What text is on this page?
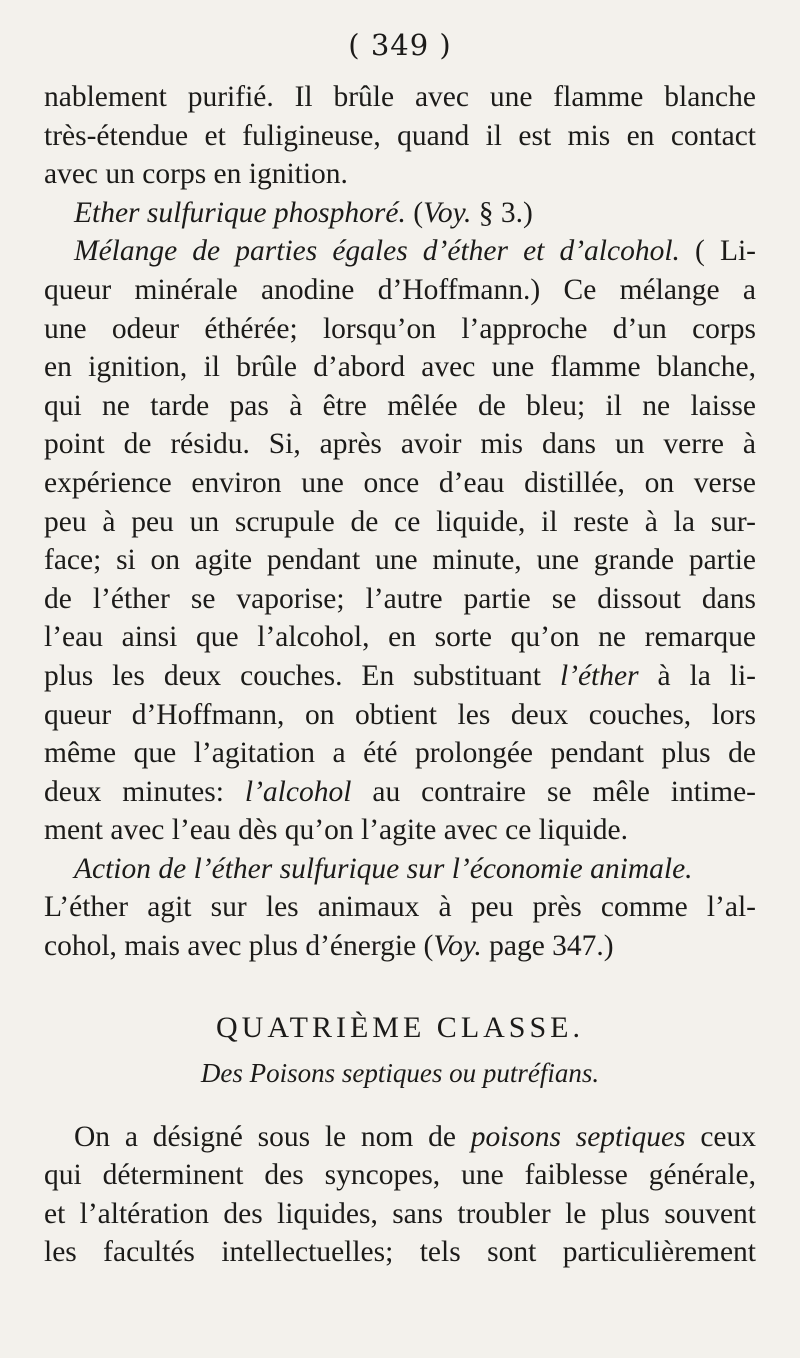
( 349 )
nablement purifié. Il brûle avec une flamme blanche
très-étendue et fuligineuse, quand il est mis en contact
avec un corps en ignition.
Ether sulfurique phosphoré. (Voy. § 3.)
Mélange de parties égales d’éther et d’alcohol. ( Li-
queur minérale anodine d’Hoffmann.) Ce mélange a
une odeur éthérée; lorsqu’on l’approche d’un corps
en ignition, il brûle d’abord avec une flamme blanche,
qui ne tarde pas à être mêlée de bleu; il ne laisse
point de résidu. Si, après avoir mis dans un verre à
expérience environ une once d’eau distillée, on verse
peu à peu un scrupule de ce liquide, il reste à la sur-
face; si on agite pendant une minute, une grande partie
de l’éther se vaporise; l’autre partie se dissout dans
l’eau ainsi que l’alcohol, en sorte qu’on ne remarque
plus les deux couches. En substituant l’éther à la li-
queur d’Hoffmann, on obtient les deux couches, lors
même que l’agitation a été prolongée pendant plus de
deux minutes: l’alcohol au contraire se mêle intime-
ment avec l’eau dès qu’on l’agite avec ce liquide.
Action de l’éther sulfurique sur l’économie animale.
L’éther agit sur les animaux à peu près comme l’al-
cohol, mais avec plus d’énergie (Voy. page 347.)
QUATRIÈME CLASSE.
Des Poisons septiques ou putréfians.
On a désigné sous le nom de poisons septiques ceux
qui déterminent des syncopes, une faiblesse générale,
et l’altération des liquides, sans troubler le plus souvent
les facultés intellectuelles; tels sont particulièrement
